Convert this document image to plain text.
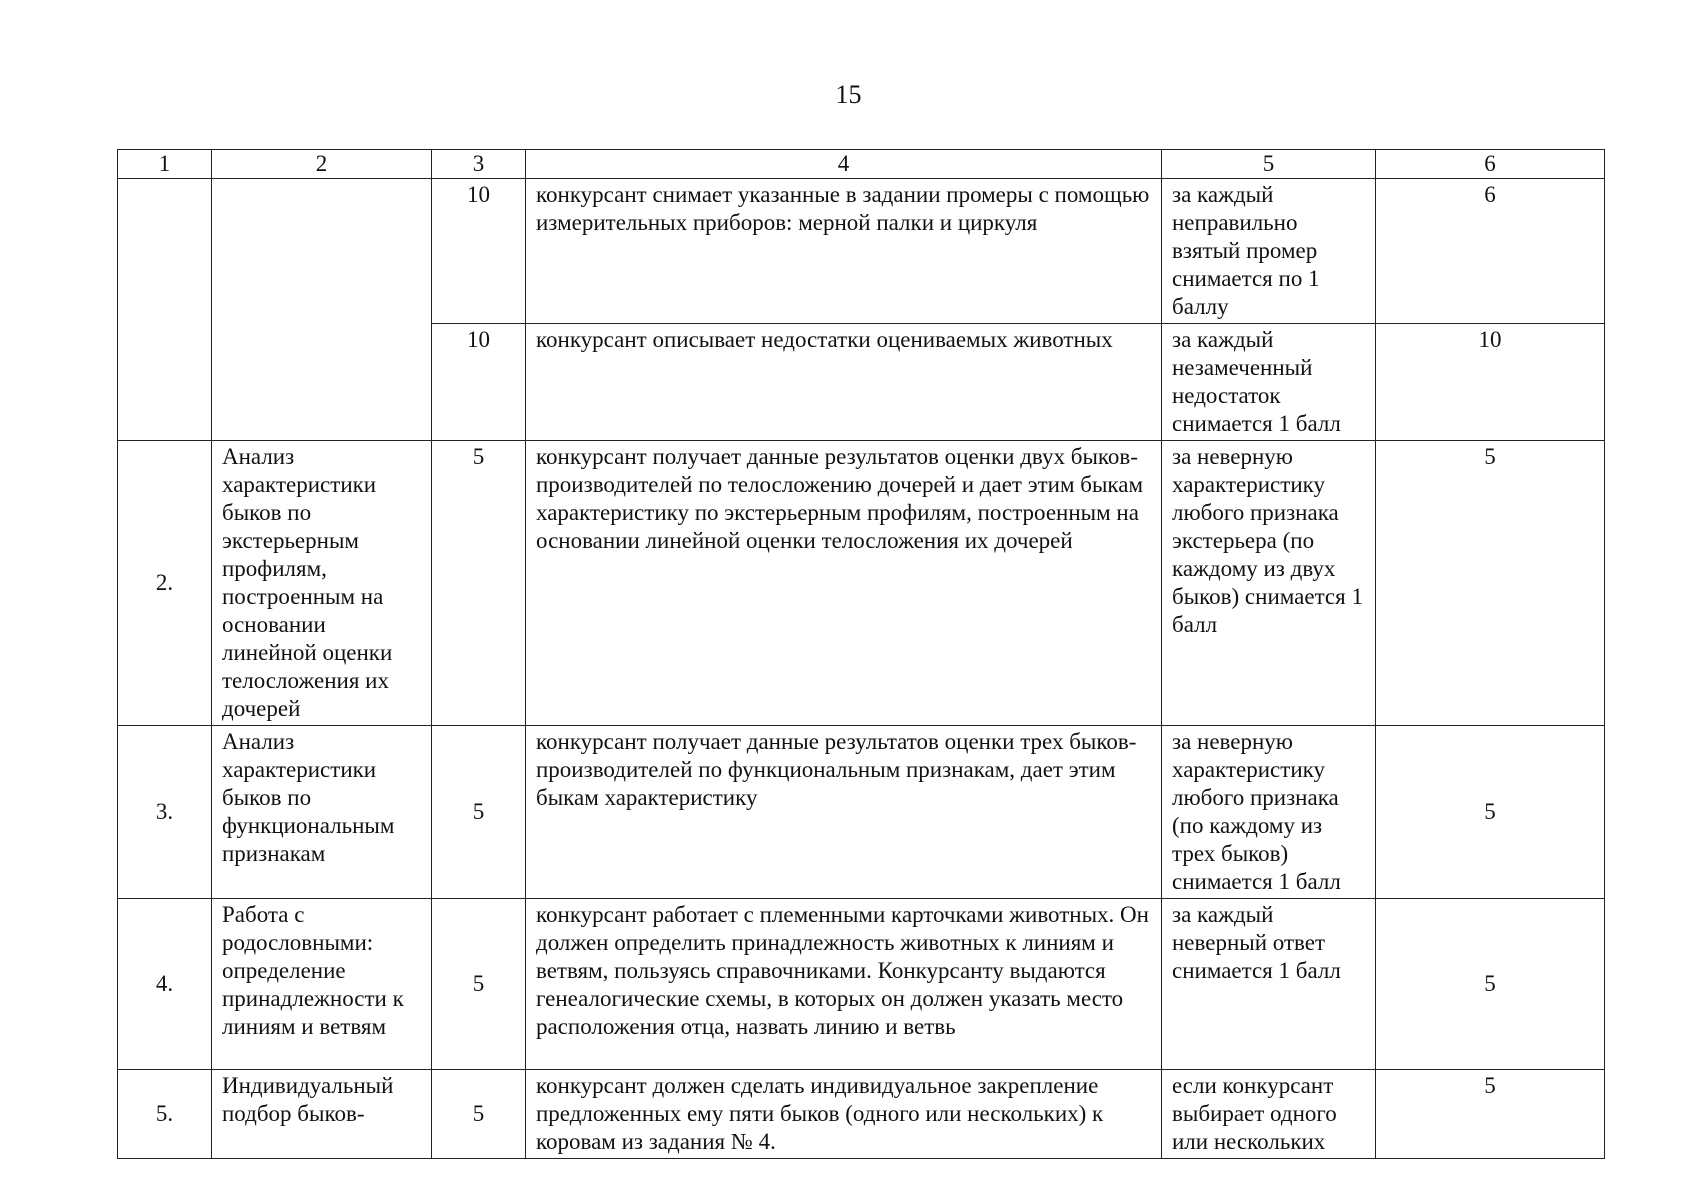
15
1	2	3	4	5	6
		10	конкурсант снимает указанные в задании промеры с помощью измерительных приборов: мерной палки и циркуля	за каждый неправильно взятый промер снимается по 1 баллу	6
		10	конкурсант описывает недостатки оцениваемых животных	за каждый незамеченный недостаток снимается 1 балл	10
2.	Анализ характеристики быков по экстерьерным профилям, построенным на основании линейной оценки телосложения их дочерей	5	конкурсант получает данные результатов оценки двух быков-производителей по телосложению дочерей и дает этим быкам характеристику по экстерьерным профилям, построенным на основании линейной оценки телосложения их дочерей	за неверную характеристику любого признака экстерьера (по каждому из двух быков) снимается 1 балл	5
3.	Анализ характеристики быков по функциональным признакам	5	конкурсант получает данные результатов оценки трех быков-производителей по функциональным признакам, дает этим быкам характеристику	за неверную характеристику любого признака (по каждому из трех быков) снимается 1 балл	5
4.	Работа с родословными: определение принадлежности к линиям и ветвям	5	конкурсант работает с племенными карточками животных. Он должен определить принадлежность животных к линиям и ветвям, пользуясь справочниками. Конкурсанту выдаются генеалогические схемы, в которых он должен указать место расположения отца, назвать линию и ветвь	за каждый неверный ответ снимается 1 балл	5
5.	Индивидуальный подбор быков-	5	конкурсант должен сделать индивидуальное закрепление предложенных ему пяти быков (одного или нескольких) к коровам из задания № 4.	если конкурсант выбирает одного или нескольких	5
